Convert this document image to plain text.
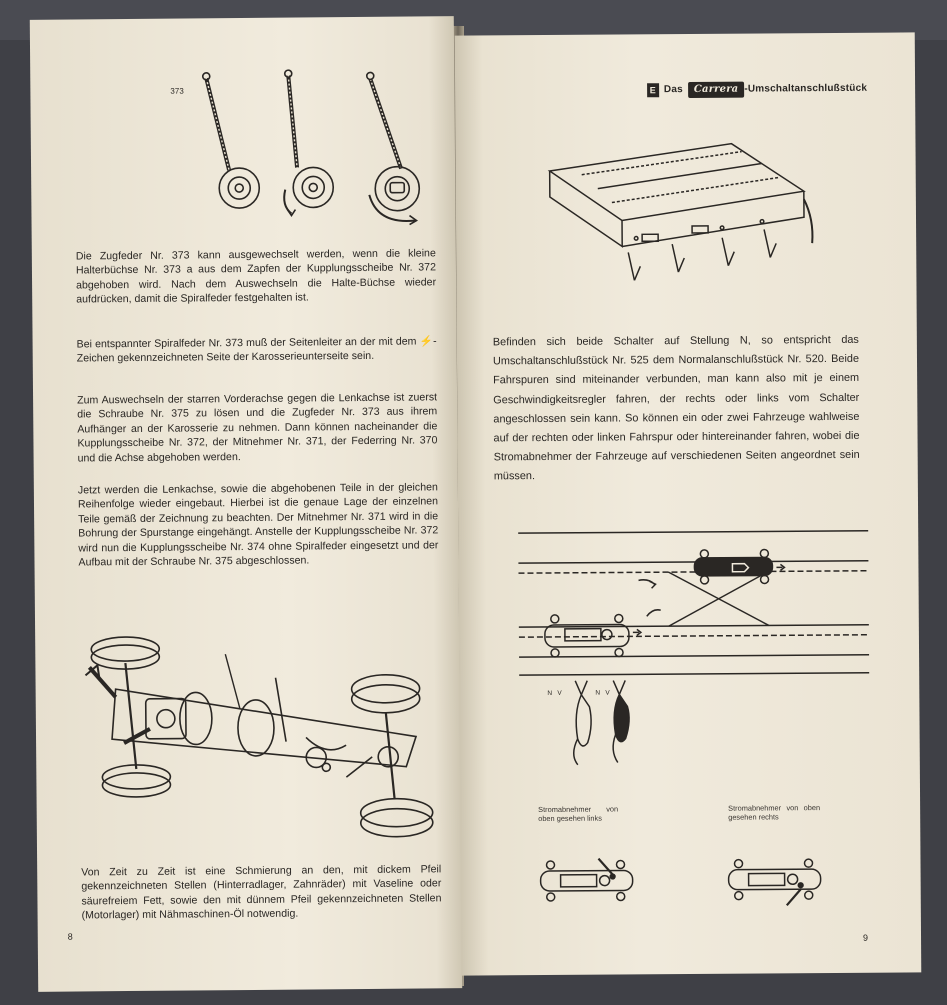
373

Die Zugfeder Nr. 373 kann ausgewechselt werden, wenn die kleine Halterbüchse Nr. 373 a aus dem Zapfen der Kupplungsscheibe Nr. 372 abgehoben wird. Nach dem Auswechseln die Halte-Büchse wieder aufdrücken, damit die Spiralfeder festgehalten ist.

Bei entspannter Spiralfeder Nr. 373 muß der Seitenleiter an der mit dem ⚡-Zeichen gekennzeichneten Seite der Karosserieunterseite sein.

Zum Auswechseln der starren Vorderachse gegen die Lenkachse ist zuerst die Schraube Nr. 375 zu lösen und die Zugfeder Nr. 373 aus ihrem Aufhänger an der Karosserie zu nehmen. Dann können nacheinander die Kupplungsscheibe Nr. 372, der Mitnehmer Nr. 371, der Federring Nr. 370 und die Achse abgehoben werden.

Jetzt werden die Lenkachse, sowie die abgehobenen Teile in der gleichen Reihenfolge wieder eingebaut. Hierbei ist die genaue Lage der einzelnen Teile gemäß der Zeichnung zu beachten. Der Mitnehmer Nr. 371 wird in die Bohrung der Spurstange eingehängt. Anstelle der Kupplungsscheibe Nr. 372 wird nun die Kupplungsscheibe Nr. 374 ohne Spiralfeder eingesetzt und der Aufbau mit der Schraube Nr. 375 abgeschlossen.

Von Zeit zu Zeit ist eine Schmierung an den, mit dickem Pfeil gekennzeichneten Stellen (Hinterradlager, Zahnräder) mit Vaseline oder säurefreiem Fett, sowie den mit dünnem Pfeil gekennzeichneten Stellen (Motorlager) mit Nähmaschinen-Öl notwendig.

8
E Das	Carrera -Umschaltanschlußstück

Befinden sich beide Schalter auf Stellung N, so entspricht das Umschaltanschlußstück Nr. 525 dem Normalanschlußstück Nr. 520. Beide Fahrspuren sind miteinander verbunden, man kann also mit je einem Geschwindigkeitsregler fahren, der rechts oder links vom Schalter angeschlossen sein kann. So können ein oder zwei Fahrzeuge wahlweise auf der rechten oder linken Fahrspur oder hintereinander fahren, wobei die Stromabnehmer der Fahrzeuge auf verschiedenen Seiten angeordnet sein müssen.

N V	N V
Stromabnehmer von oben gesehen links
Stromabnehmer von oben gesehen rechts
9
